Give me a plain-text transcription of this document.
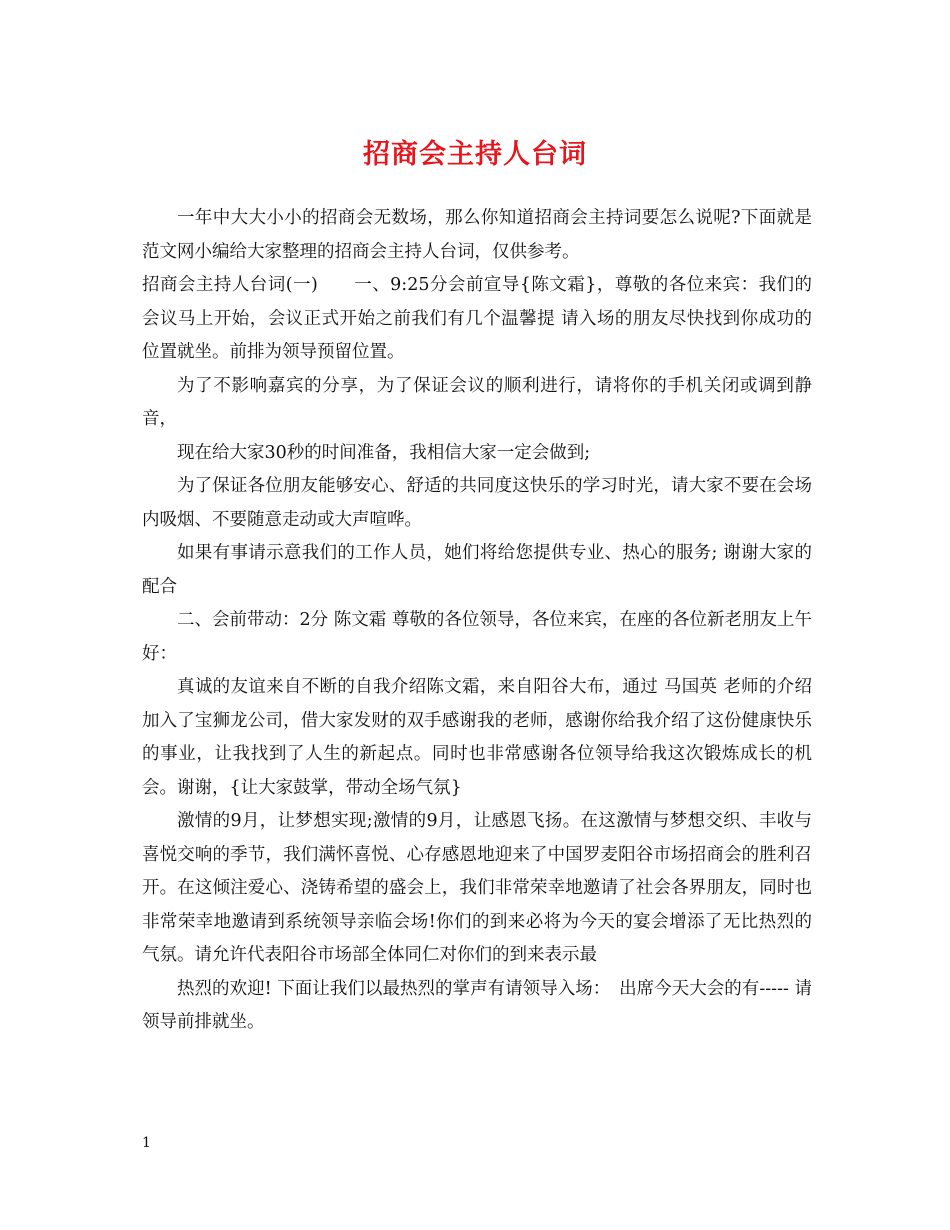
招商会主持人台词

一年中大大小小的招商会无数场，那么你知道招商会主持词要怎么说呢?下面就是范文网小编给大家整理的招商会主持人台词，仅供参考。

招商会主持人台词(一)　　一、9:25分会前宣导{陈文霜}，尊敬的各位来宾：我们的会议马上开始，会议正式开始之前我们有几个温馨提 请入场的朋友尽快找到你成功的位置就坐。前排为领导预留位置。

为了不影响嘉宾的分享，为了保证会议的顺利进行，请将你的手机关闭或调到静音，

现在给大家30秒的时间准备，我相信大家一定会做到;

为了保证各位朋友能够安心、舒适的共同度这快乐的学习时光，请大家不要在会场内吸烟、不要随意走动或大声喧哗。

如果有事请示意我们的工作人员，她们将给您提供专业、热心的服务; 谢谢大家的配合

二、会前带动：2分 陈文霜 尊敬的各位领导，各位来宾，在座的各位新老朋友上午好：

真诚的友谊来自不断的自我介绍陈文霜，来自阳谷大布，通过 马国英 老师的介绍加入了宝狮龙公司，借大家发财的双手感谢我的老师，感谢你给我介绍了这份健康快乐的事业，让我找到了人生的新起点。同时也非常感谢各位领导给我这次锻炼成长的机会。谢谢，{让大家鼓掌，带动全场气氛}

激情的9月，让梦想实现;激情的9月，让感恩飞扬。在这激情与梦想交织、丰收与喜悦交响的季节，我们满怀喜悦、心存感恩地迎来了中国罗麦阳谷市场招商会的胜利召开。在这倾注爱心、浇铸希望的盛会上，我们非常荣幸地邀请了社会各界朋友，同时也非常荣幸地邀请到系统领导亲临会场!你们的到来必将为今天的宴会增添了无比热烈的气氛。请允许代表阳谷市场部全体同仁对你们的到来表示最

热烈的欢迎! 下面让我们以最热烈的掌声有请领导入场：　出席今天大会的有----- 请领导前排就坐。

1
